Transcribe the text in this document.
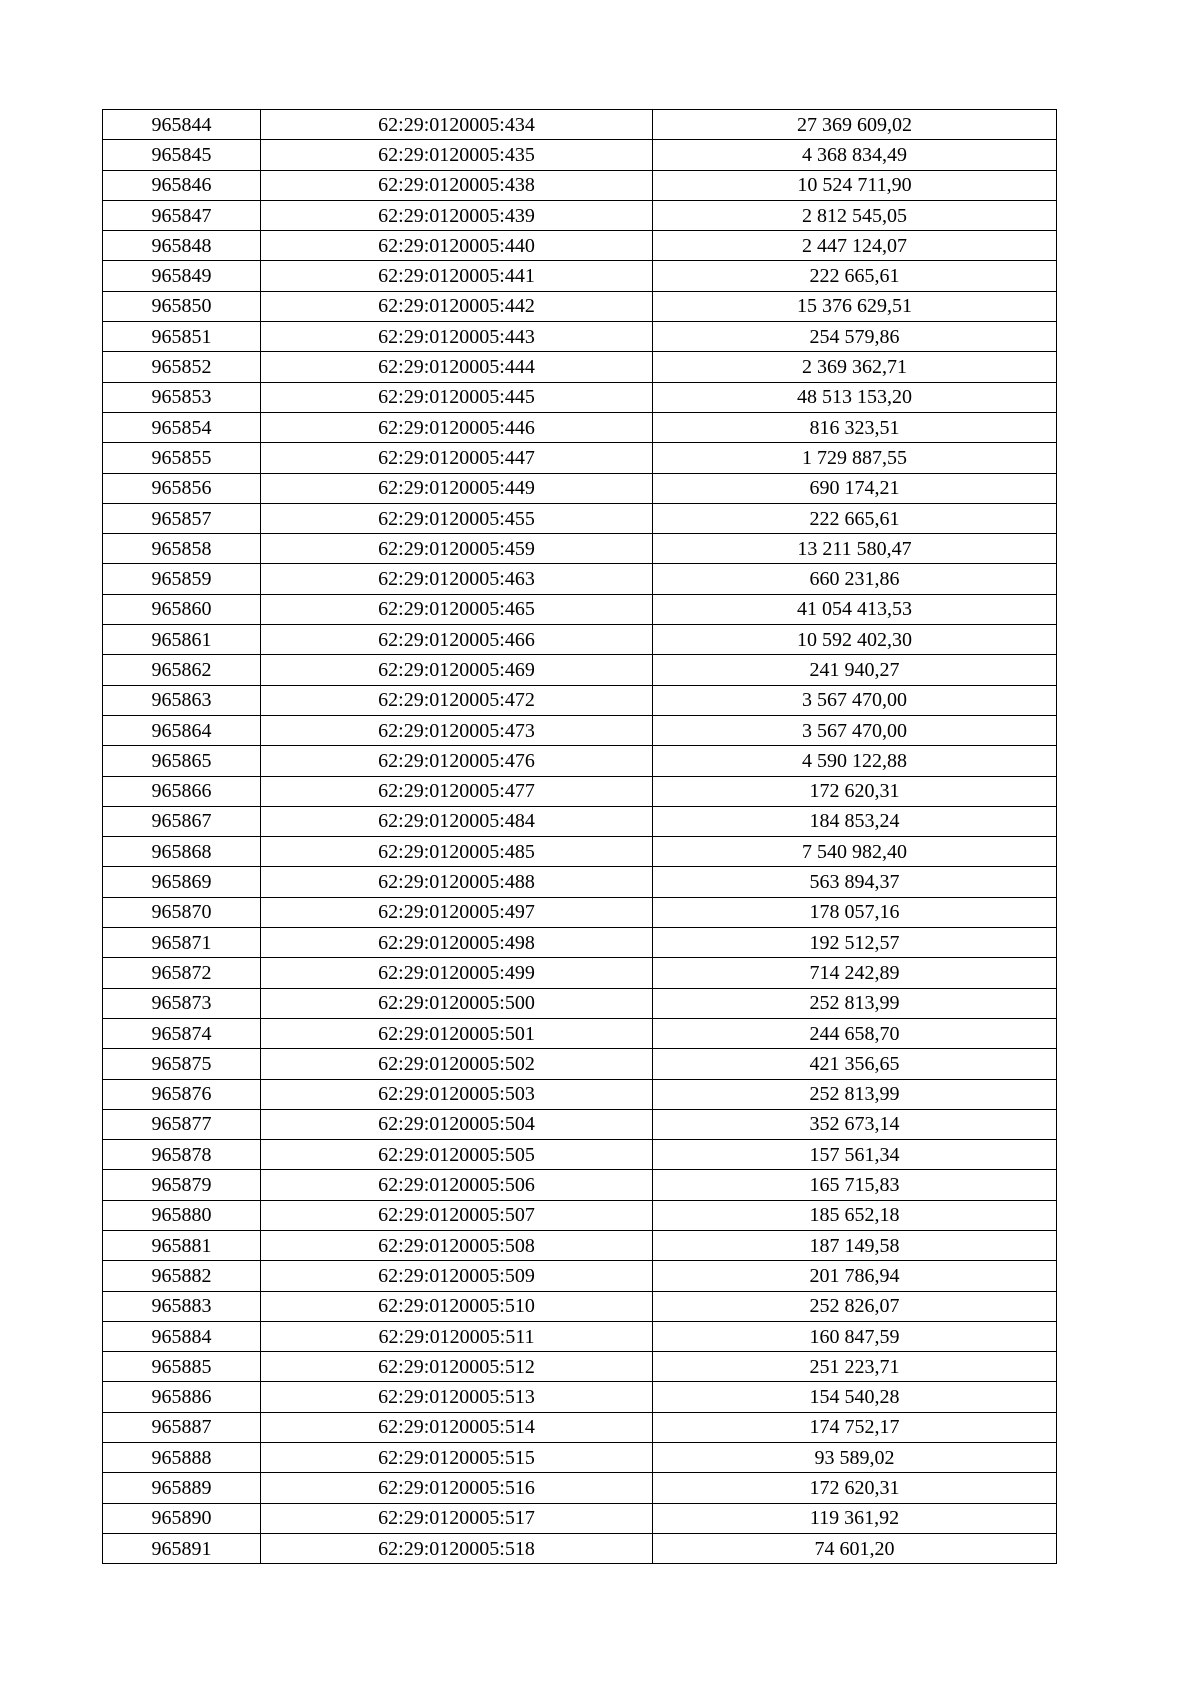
965844	62:29:0120005:434	27 369 609,02
965845	62:29:0120005:435	4 368 834,49
965846	62:29:0120005:438	10 524 711,90
965847	62:29:0120005:439	2 812 545,05
965848	62:29:0120005:440	2 447 124,07
965849	62:29:0120005:441	222 665,61
965850	62:29:0120005:442	15 376 629,51
965851	62:29:0120005:443	254 579,86
965852	62:29:0120005:444	2 369 362,71
965853	62:29:0120005:445	48 513 153,20
965854	62:29:0120005:446	816 323,51
965855	62:29:0120005:447	1 729 887,55
965856	62:29:0120005:449	690 174,21
965857	62:29:0120005:455	222 665,61
965858	62:29:0120005:459	13 211 580,47
965859	62:29:0120005:463	660 231,86
965860	62:29:0120005:465	41 054 413,53
965861	62:29:0120005:466	10 592 402,30
965862	62:29:0120005:469	241 940,27
965863	62:29:0120005:472	3 567 470,00
965864	62:29:0120005:473	3 567 470,00
965865	62:29:0120005:476	4 590 122,88
965866	62:29:0120005:477	172 620,31
965867	62:29:0120005:484	184 853,24
965868	62:29:0120005:485	7 540 982,40
965869	62:29:0120005:488	563 894,37
965870	62:29:0120005:497	178 057,16
965871	62:29:0120005:498	192 512,57
965872	62:29:0120005:499	714 242,89
965873	62:29:0120005:500	252 813,99
965874	62:29:0120005:501	244 658,70
965875	62:29:0120005:502	421 356,65
965876	62:29:0120005:503	252 813,99
965877	62:29:0120005:504	352 673,14
965878	62:29:0120005:505	157 561,34
965879	62:29:0120005:506	165 715,83
965880	62:29:0120005:507	185 652,18
965881	62:29:0120005:508	187 149,58
965882	62:29:0120005:509	201 786,94
965883	62:29:0120005:510	252 826,07
965884	62:29:0120005:511	160 847,59
965885	62:29:0120005:512	251 223,71
965886	62:29:0120005:513	154 540,28
965887	62:29:0120005:514	174 752,17
965888	62:29:0120005:515	93 589,02
965889	62:29:0120005:516	172 620,31
965890	62:29:0120005:517	119 361,92
965891	62:29:0120005:518	74 601,20
